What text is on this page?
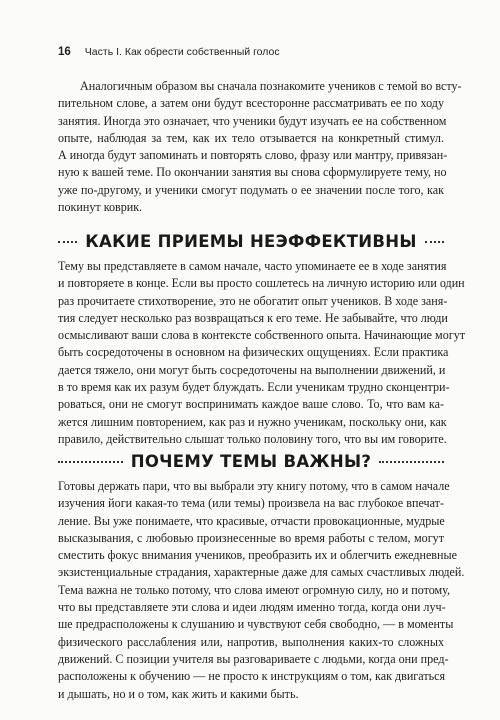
16 Часть I. Как обрести собственный голос
Аналогичным образом вы сначала познакомите учеников с темой во всту-
пительном слове, а затем они будут всесторонне рассматривать ее по ходу
занятия. Иногда это означает, что ученики будут изучать ее на собственном
опыте, наблюдая за тем, как их тело отзывается на конкретный стимул.
А иногда будут запоминать и повторять слово, фразу или мантру, привязан-
ную к вашей теме. По окончании занятия вы снова сформулируете тему, но
уже по-другому, и ученики смогут подумать о ее значении после того, как
покинут коврик.
КАКИЕ ПРИЕМЫ НЕЭФФЕКТИВНЫ
Тему вы представляете в самом начале, часто упоминаете ее в ходе занятия
и повторяете в конце. Если вы просто сошлетесь на личную историю или один
раз прочитаете стихотворение, это не обогатит опыт учеников. В ходе заня-
тия следует несколько раз возвращаться к его теме. Не забывайте, что люди
осмысливают ваши слова в контексте собственного опыта. Начинающие могут
быть сосредоточены в основном на физических ощущениях. Если практика
дается тяжело, они могут быть сосредоточены на выполнении движений, и
в то время как их разум будет блуждать. Если ученикам трудно сконцентри-
роваться, они не смогут воспринимать каждое ваше слово. То, что вам ка-
жется лишним повторением, как раз и нужно ученикам, поскольку они, как
правило, действительно слышат только половину того, что вы им говорите.
ПОЧЕМУ ТЕМЫ ВАЖНЫ?
Готовы держать пари, что вы выбрали эту книгу потому, что в самом начале
изучения йоги какая-то тема (или темы) произвела на вас глубокое впечат-
ление. Вы уже понимаете, что красивые, отчасти провокационные, мудрые
высказывания, с любовью произнесенные во время работы с телом, могут
сместить фокус внимания учеников, преобразить их и облегчить ежедневные
экзистенциальные страдания, характерные даже для самых счастливых людей.
Тема важна не только потому, что слова имеют огромную силу, но и потому,
что вы представляете эти слова и идеи людям именно тогда, когда они луч-
ше предрасположены к слушанию и чувствуют себя свободно, — в моменты
физического расслабления или, напротив, выполнения каких-то сложных
движений. С позиции учителя вы разговариваете с людьми, когда они пред-
расположены к обучению — не просто к инструкциям о том, как двигаться
и дышать, но и о том, как жить и какими быть.
